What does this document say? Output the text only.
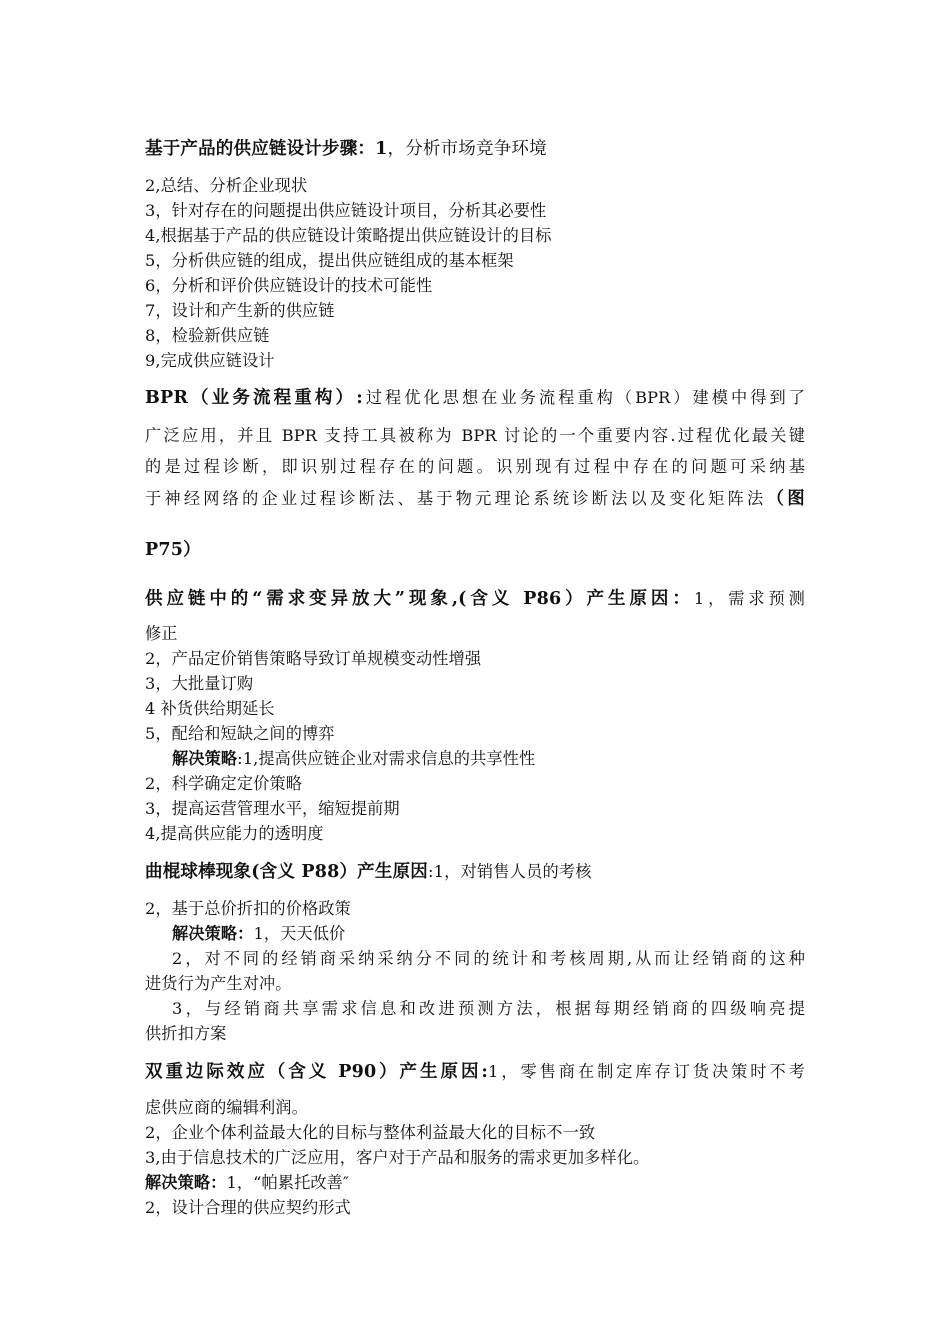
基于产品的供应链设计步骤：1，分析市场竞争环境
2,总结、分析企业现状
3，针对存在的问题提出供应链设计项目，分析其必要性
4,根据基于产品的供应链设计策略提出供应链设计的目标
5，分析供应链的组成，提出供应链组成的基本框架
6，分析和评价供应链设计的技术可能性
7，设计和产生新的供应链
8，检验新供应链
9,完成供应链设计
BPR（业务流程重构）:过程优化思想在业务流程重构（BPR）建模中得到了
广泛应用，并且 BPR 支持工具被称为 BPR 讨论的一个重要内容.过程优化最关键
的是过程诊断，即识别过程存在的问题。识别现有过程中存在的问题可采纳基
于神经网络的企业过程诊断法、基于物元理论系统诊断法以及变化矩阵法（图
P75）
供应链中的“需求变异放大”现象,(含义 P86）产生原因：1，需求预测
修正
2，产品定价销售策略导致订单规模变动性增强
3，大批量订购
4 补货供给期延长
5，配给和短缺之间的博弈
解决策略:1,提高供应链企业对需求信息的共享性性
2，科学确定定价策略
3，提高运营管理水平，缩短提前期
4,提高供应能力的透明度
曲棍球棒现象(含义 P88）产生原因:1，对销售人员的考核
2，基于总价折扣的价格政策
解决策略：1，天天低价
2，对不同的经销商采纳采纳分不同的统计和考核周期,从而让经销商的这种
进货行为产生对冲。
3，与经销商共享需求信息和改进预测方法，根据每期经销商的四级响亮提
供折扣方案
双重边际效应（含义 P90）产生原因:1，零售商在制定库存订货决策时不考
虑供应商的编辑利润。
2，企业个体利益最大化的目标与整体利益最大化的目标不一致
3,由于信息技术的广泛应用，客户对于产品和服务的需求更加多样化。
解决策略：1，“帕累托改善″
2，设计合理的供应契约形式
